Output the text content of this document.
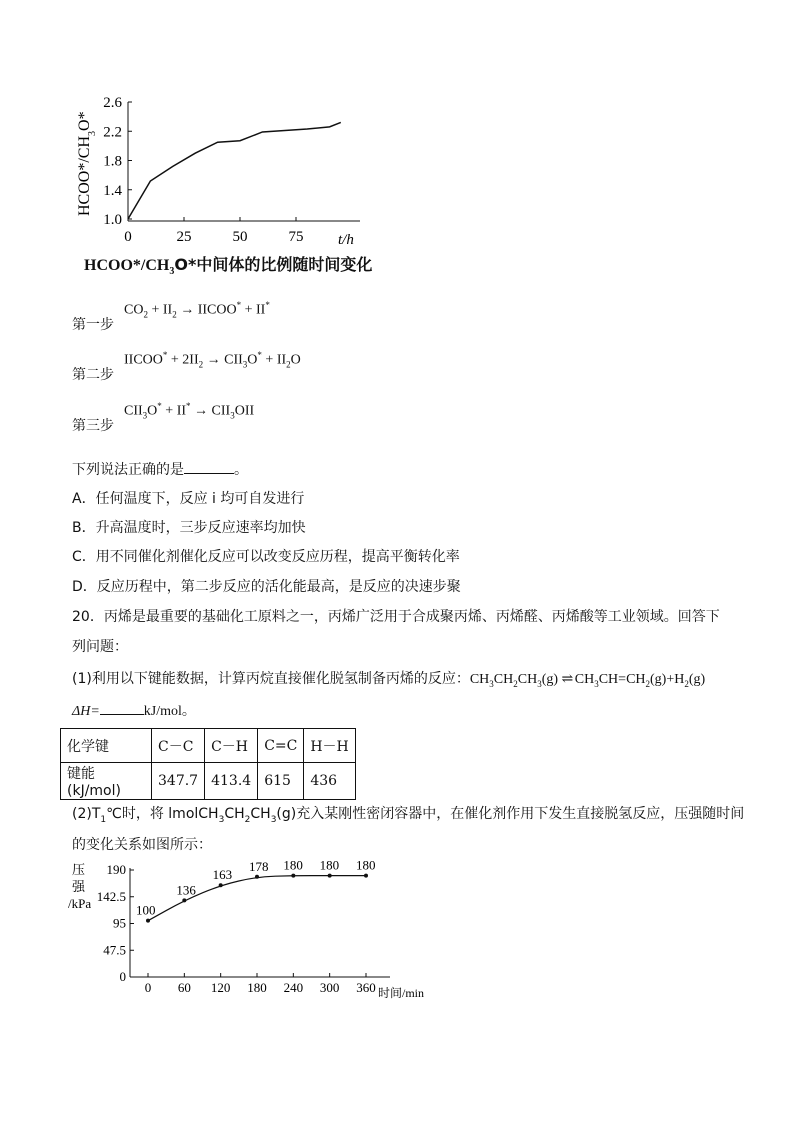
$HCOO*/CH_3O*$
1.0
1.4
1.8
2.2
2.6
0	25	50	75 t/h
$HCOO*/CH_3O*$中间体的比例随时间变化
第一步
$CO_2 + II_2$ → IICOO* + II*
第二步
IICOO* + $2II_2 \to CII_3O^* + II_2O$
第三步
$CII_3O^* + II^* \to CII_3OII$
下列说法正确的是	。
A．任何温度下，反应 i 均可自发进行
B．升高温度时，三步反应速率均加快
C．用不同催化剂催化反应可以改变反应历程，提高平衡转化率
D．反应历程中，第二步反应的活化能最高，是反应的决速步聚
20．丙烯是最重要的基础化工原料之一，丙烯广泛用于合成聚丙烯、丙烯醛、丙烯酸等工业领域。回答下
列问题：
(1)利用以下键能数据，计算丙烷直接催化脱氢制备丙烯的反应：$CH_3CH_2CH_3(g)$ ⇌ $CH_3CH=CH_2(g)+H_2(g)$
ΔH=	kJ/mol。
化学键	C－C	C－H	C=C	H－H
键能(kJ/mol)	347.7	413.4	615	436
$(2)T_1℃$时，将 $lmolCH_3CH_2CH_3(g)$充入某刚性密闭容器中，在催化剂作用下发生直接脱氢反应，压强随时间
的变化关系如图所示：
压
强
/kPa
0
47.5
95
142.5
190
0 60 120 180 240 300 360 时间/min
100
136
163
178 180 180 180
